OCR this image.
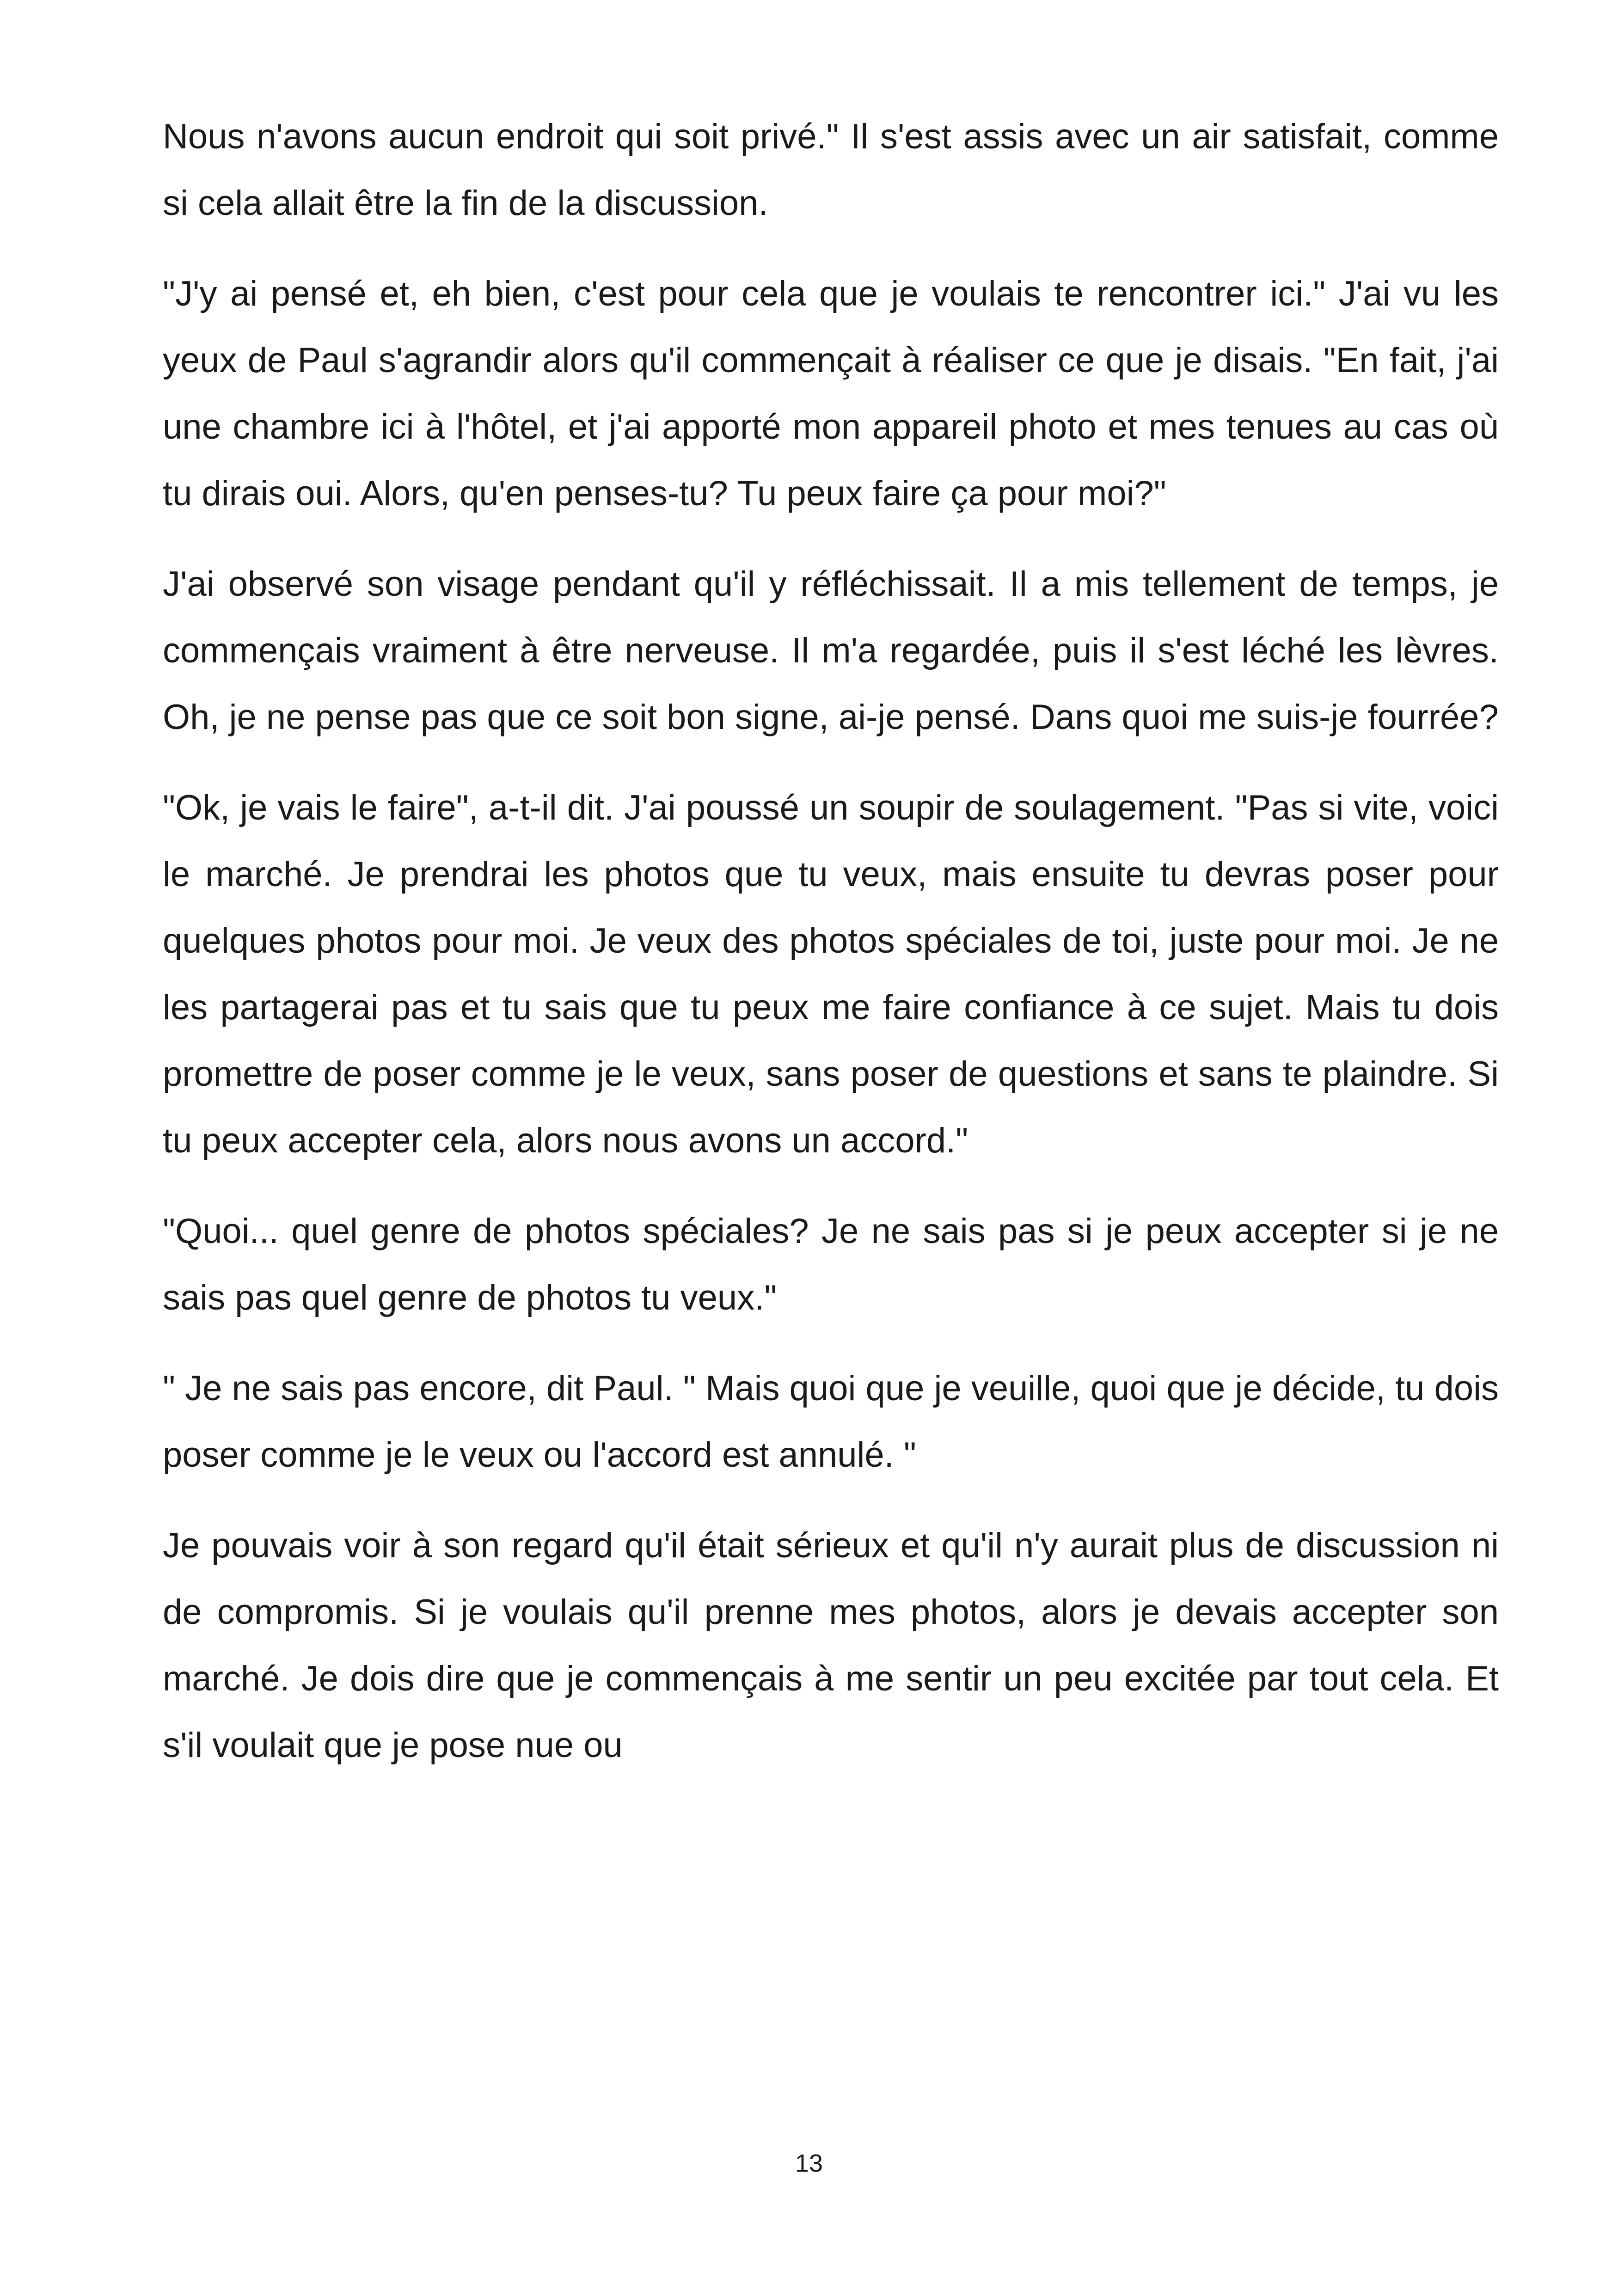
Nous n'avons aucun endroit qui soit privé." Il s'est assis avec un air satisfait, comme si cela allait être la fin de la discussion.

"J'y ai pensé et, eh bien, c'est pour cela que je voulais te rencontrer ici." J'ai vu les yeux de Paul s'agrandir alors qu'il commençait à réaliser ce que je disais. "En fait, j'ai une chambre ici à l'hôtel, et j'ai apporté mon appareil photo et mes tenues au cas où tu dirais oui. Alors, qu'en penses-tu? Tu peux faire ça pour moi?"

J'ai observé son visage pendant qu'il y réfléchissait. Il a mis tellement de temps, je commençais vraiment à être nerveuse. Il m'a regardée, puis il s'est léché les lèvres. Oh, je ne pense pas que ce soit bon signe, ai-je pensé. Dans quoi me suis-je fourrée?

"Ok, je vais le faire", a-t-il dit. J'ai poussé un soupir de soulagement. "Pas si vite, voici le marché. Je prendrai les photos que tu veux, mais ensuite tu devras poser pour quelques photos pour moi. Je veux des photos spéciales de toi, juste pour moi. Je ne les partagerai pas et tu sais que tu peux me faire confiance à ce sujet. Mais tu dois promettre de poser comme je le veux, sans poser de questions et sans te plaindre. Si tu peux accepter cela, alors nous avons un accord."

"Quoi... quel genre de photos spéciales? Je ne sais pas si je peux accepter si je ne sais pas quel genre de photos tu veux."

" Je ne sais pas encore, dit Paul. " Mais quoi que je veuille, quoi que je décide, tu dois poser comme je le veux ou l'accord est annulé. "

Je pouvais voir à son regard qu'il était sérieux et qu'il n'y aurait plus de discussion ni de compromis. Si je voulais qu'il prenne mes photos, alors je devais accepter son marché. Je dois dire que je commençais à me sentir un peu excitée par tout cela. Et s'il voulait que je pose nue ou

13
